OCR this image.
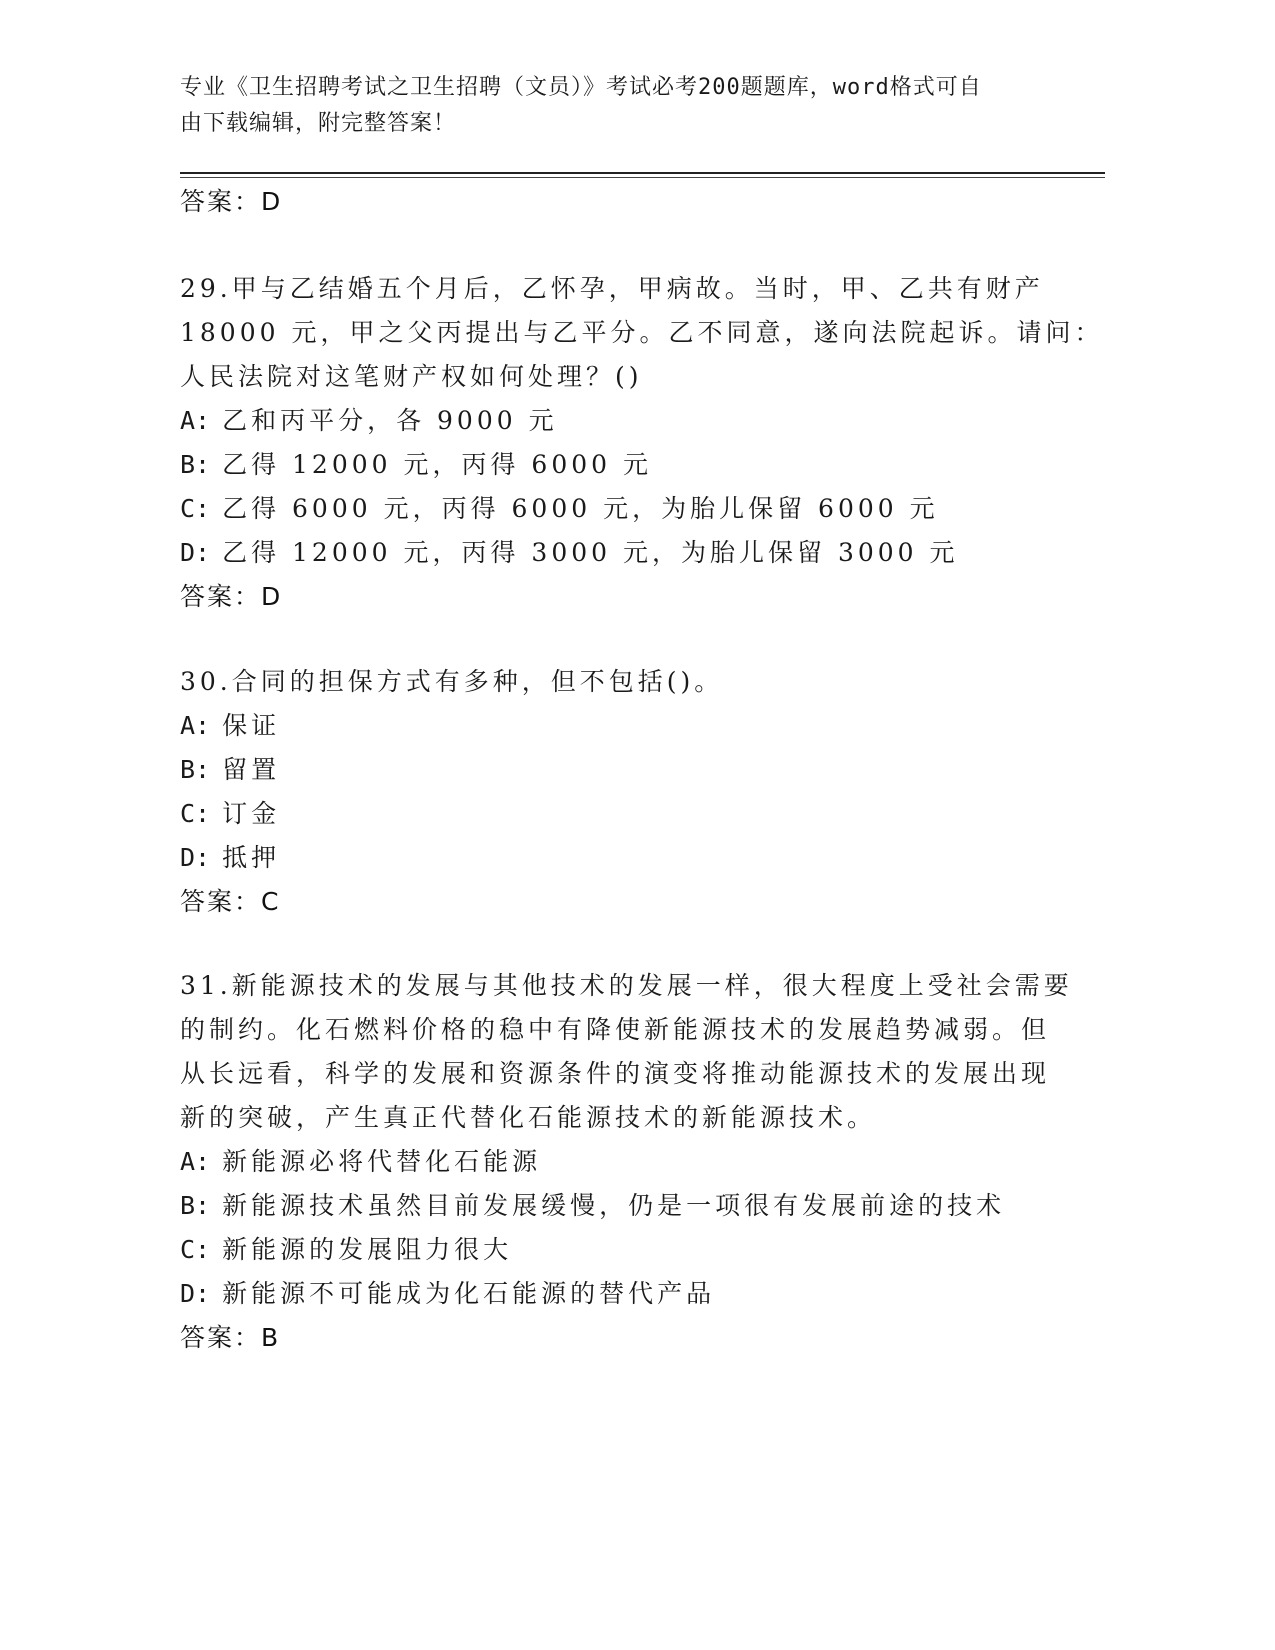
专业《卫生招聘考试之卫生招聘（文员）》考试必考200题题库，word格式可自
由下载编辑，附完整答案！
答案：D
29.甲与乙结婚五个月后，乙怀孕，甲病故。当时，甲、乙共有财产
18000 元，甲之父丙提出与乙平分。乙不同意，遂向法院起诉。请问：
人民法院对这笔财产权如何处理？()
A: 乙和丙平分，各 9000 元
B: 乙得 12000 元，丙得 6000 元
C: 乙得 6000 元，丙得 6000 元，为胎儿保留 6000 元
D: 乙得 12000 元，丙得 3000 元，为胎儿保留 3000 元
答案：D
30.合同的担保方式有多种，但不包括()。
A: 保证
B: 留置
C: 订金
D: 抵押
答案：C
31.新能源技术的发展与其他技术的发展一样，很大程度上受社会需要
的制约。化石燃料价格的稳中有降使新能源技术的发展趋势减弱。但
从长远看，科学的发展和资源条件的演变将推动能源技术的发展出现
新的突破，产生真正代替化石能源技术的新能源技术。
A: 新能源必将代替化石能源
B: 新能源技术虽然目前发展缓慢，仍是一项很有发展前途的技术
C: 新能源的发展阻力很大
D: 新能源不可能成为化石能源的替代产品
答案：B
